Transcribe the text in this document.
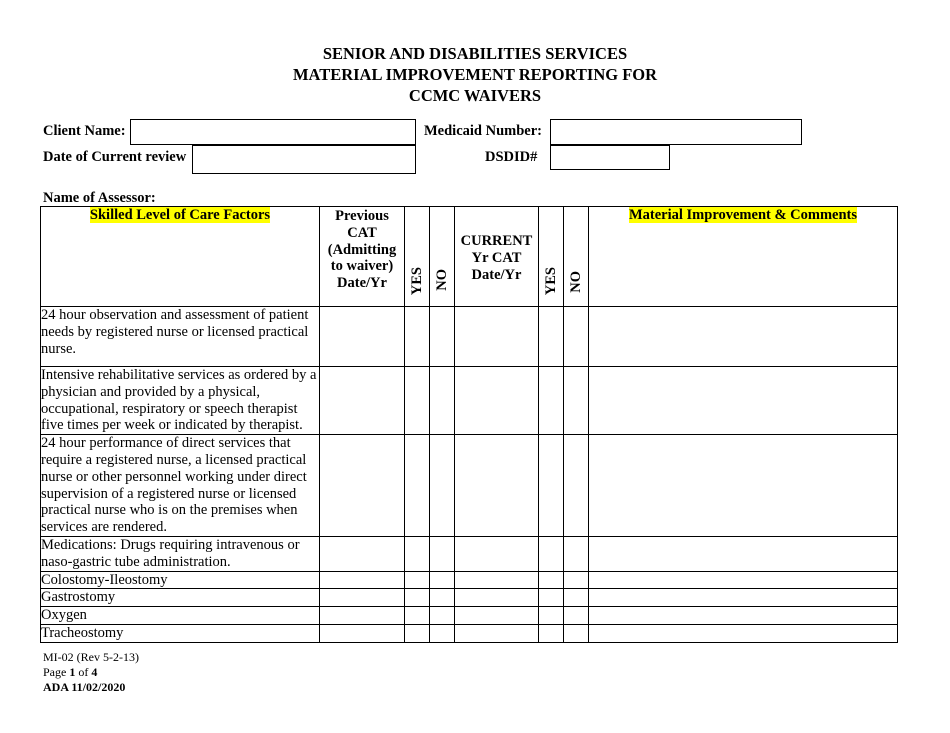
SENIOR AND DISABILITIES SERVICES
MATERIAL IMPROVEMENT REPORTING FOR
CCMC WAIVERS
Client Name:	Medicaid Number:
Date of Current review	DSDID#
Name of Assessor:
Skilled Level of Care Factors	Previous CAT (Admitting to waiver) Date/Yr	YES	NO	CURRENT Yr CAT Date/Yr	YES	NO	Material Improvement & Comments
24 hour observation and assessment of patient needs by registered nurse or licensed practical nurse.							
Intensive rehabilitative services as ordered by a physician and provided by a physical, occupational, respiratory or speech therapist five times per week or indicated by therapist.							
24 hour performance of direct services that require a registered nurse, a licensed practical nurse or other personnel working under direct supervision of a registered nurse or licensed practical nurse who is on the premises when services are rendered.							
Medications: Drugs requiring intravenous or naso-gastric tube administration.							
Colostomy-Ileostomy							
Gastrostomy							
Oxygen							
Tracheostomy							
MI-02 (Rev 5-2-13)
Page 1 of 4
ADA 11/02/2020
